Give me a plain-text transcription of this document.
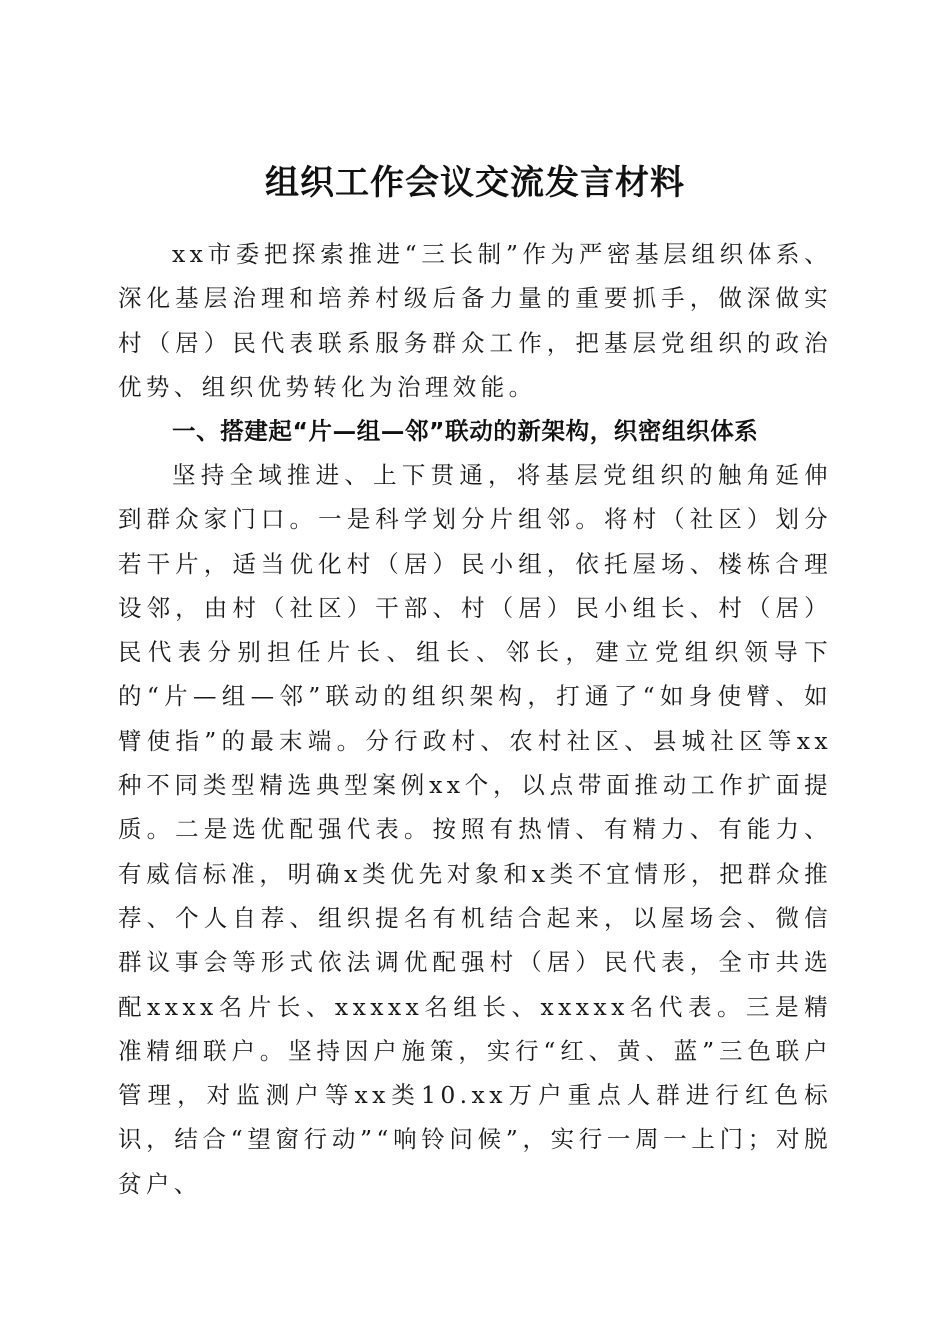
组织工作会议交流发言材料

xx市委把探索推进“三长制”作为严密基层组织体系、深化基层治理和培养村级后备力量的重要抓手，做深做实村（居）民代表联系服务群众工作，把基层党组织的政治优势、组织优势转化为治理效能。

一、搭建起“片—组—邻”联动的新架构，织密组织体系

坚持全域推进、上下贯通，将基层党组织的触角延伸到群众家门口。一是科学划分片组邻。将村（社区）划分若干片，适当优化村（居）民小组，依托屋场、楼栋合理设邻，由村（社区）干部、村（居）民小组长、村（居）民代表分别担任片长、组长、邻长，建立党组织领导下的“片—组—邻”联动的组织架构，打通了“如身使臂、如臂使指”的最末端。分行政村、农村社区、县城社区等xx种不同类型精选典型案例xx个，以点带面推动工作扩面提质。二是选优配强代表。按照有热情、有精力、有能力、有威信标准，明确x类优先对象和x类不宜情形，把群众推荐、个人自荐、组织提名有机结合起来，以屋场会、微信群议事会等形式依法调优配强村（居）民代表，全市共选配xxxx名片长、xxxxx名组长、xxxxx名代表。三是精准精细联户。坚持因户施策，实行“红、黄、蓝”三色联户管理，对监测户等xx类10.xx万户重点人群进行红色标识，结合“望窗行动”“响铃问候”，实行一周一上门；对脱贫户、
